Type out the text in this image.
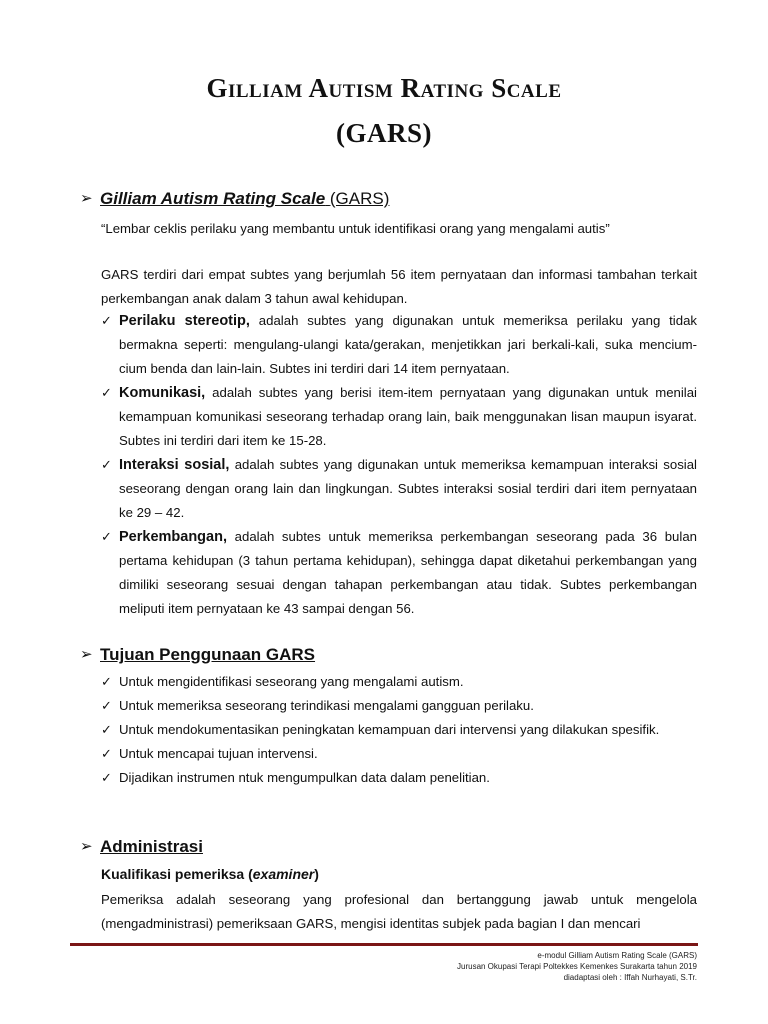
Gilliam Autism Rating Scale
(GARS)
➢ Gilliam Autism Rating Scale (GARS)
“Lembar ceklis perilaku yang membantu untuk identifikasi orang yang mengalami autis”
GARS terdiri dari empat subtes yang berjumlah 56 item pernyataan dan informasi tambahan terkait perkembangan anak dalam 3 tahun awal kehidupan.
✓ Perilaku stereotip, adalah subtes yang digunakan untuk memeriksa perilaku yang tidak bermakna seperti: mengulang-ulangi kata/gerakan, menjetikkan jari berkali-kali, suka mencium-cium benda dan lain-lain. Subtes ini terdiri dari 14 item pernyataan.
✓ Komunikasi, adalah subtes yang berisi item-item pernyataan yang digunakan untuk menilai kemampuan komunikasi seseorang terhadap orang lain, baik menggunakan lisan maupun isyarat. Subtes ini terdiri dari item ke 15-28.
✓ Interaksi sosial, adalah subtes yang digunakan untuk memeriksa kemampuan interaksi sosial seseorang dengan orang lain dan lingkungan. Subtes interaksi sosial terdiri dari item pernyataan ke 29 – 42.
✓ Perkembangan, adalah subtes untuk memeriksa perkembangan seseorang pada 36 bulan pertama kehidupan (3 tahun pertama kehidupan), sehingga dapat diketahui perkembangan yang dimiliki seseorang sesuai dengan tahapan perkembangan atau tidak. Subtes perkembangan meliputi item pernyataan ke 43 sampai dengan 56.
➢ Tujuan Penggunaan GARS
✓ Untuk mengidentifikasi seseorang yang mengalami autism.
✓ Untuk memeriksa seseorang terindikasi mengalami gangguan perilaku.
✓ Untuk mendokumentasikan peningkatan kemampuan dari intervensi yang dilakukan spesifik.
✓ Untuk mencapai tujuan intervensi.
✓ Dijadikan instrumen ntuk mengumpulkan data dalam penelitian.
➢ Administrasi
Kualifikasi pemeriksa (examiner)
Pemeriksa adalah seseorang yang profesional dan bertanggung jawab untuk mengelola (mengadministrasi) pemeriksaan GARS, mengisi identitas subjek pada bagian I dan mencari
e-modul Gilliam Autism Rating Scale (GARS)
Jurusan Okupasi Terapi Poltekkes Kemenkes Surakarta tahun 2019
diadaptasi oleh : Iffah Nurhayati, S.Tr.
